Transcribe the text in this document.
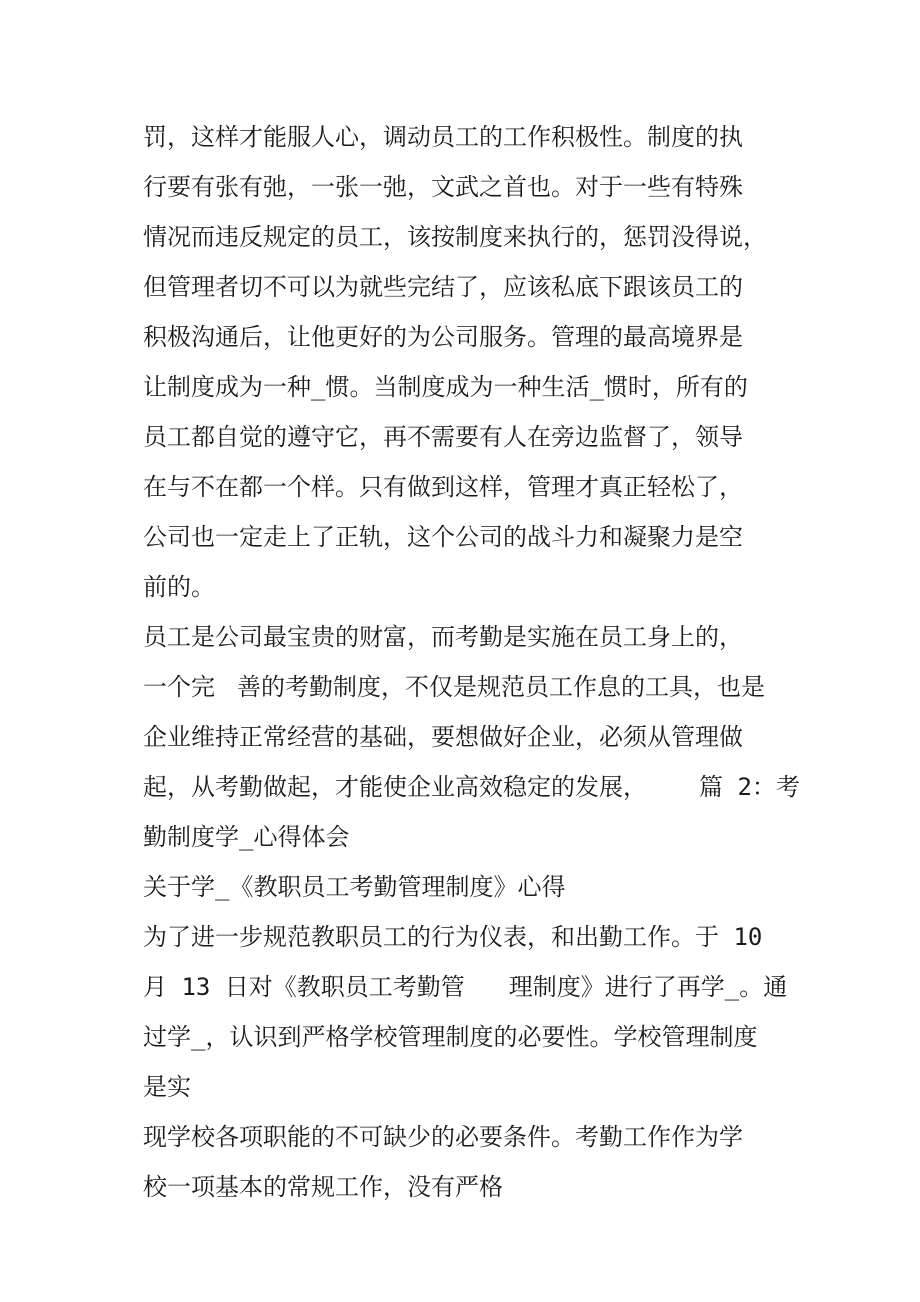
罚，这样才能服人心，调动员工的工作积极性。制度的执
行要有张有弛，一张一弛，文武之首也。对于一些有特殊
情况而违反规定的员工，该按制度来执行的，惩罚没得说，
但管理者切不可以为就些完结了，应该私底下跟该员工的
积极沟通后，让他更好的为公司服务。管理的最高境界是
让制度成为一种_惯。当制度成为一种生活_惯时，所有的
员工都自觉的遵守它，再不需要有人在旁边监督了，领导
在与不在都一个样。只有做到这样，管理才真正轻松了，
公司也一定走上了正轨，这个公司的战斗力和凝聚力是空
前的。
员工是公司最宝贵的财富，而考勤是实施在员工身上的，
一个完 善的考勤制度，不仅是规范员工作息的工具，也是
企业维持正常经营的基础，要想做好企业，必须从管理做
起，从考勤做起，才能使企业高效稳定的发展， 篇 2：考
勤制度学_心得体会
关于学_《教职员工考勤管理制度》心得
为了进一步规范教职员工的行为仪表，和出勤工作。于 10
月 13 日对《教职员工考勤管 理制度》进行了再学_。通
过学_，认识到严格学校管理制度的必要性。学校管理制度
是实
现学校各项职能的不可缺少的必要条件。考勤工作作为学
校一项基本的常规工作，没有严格
